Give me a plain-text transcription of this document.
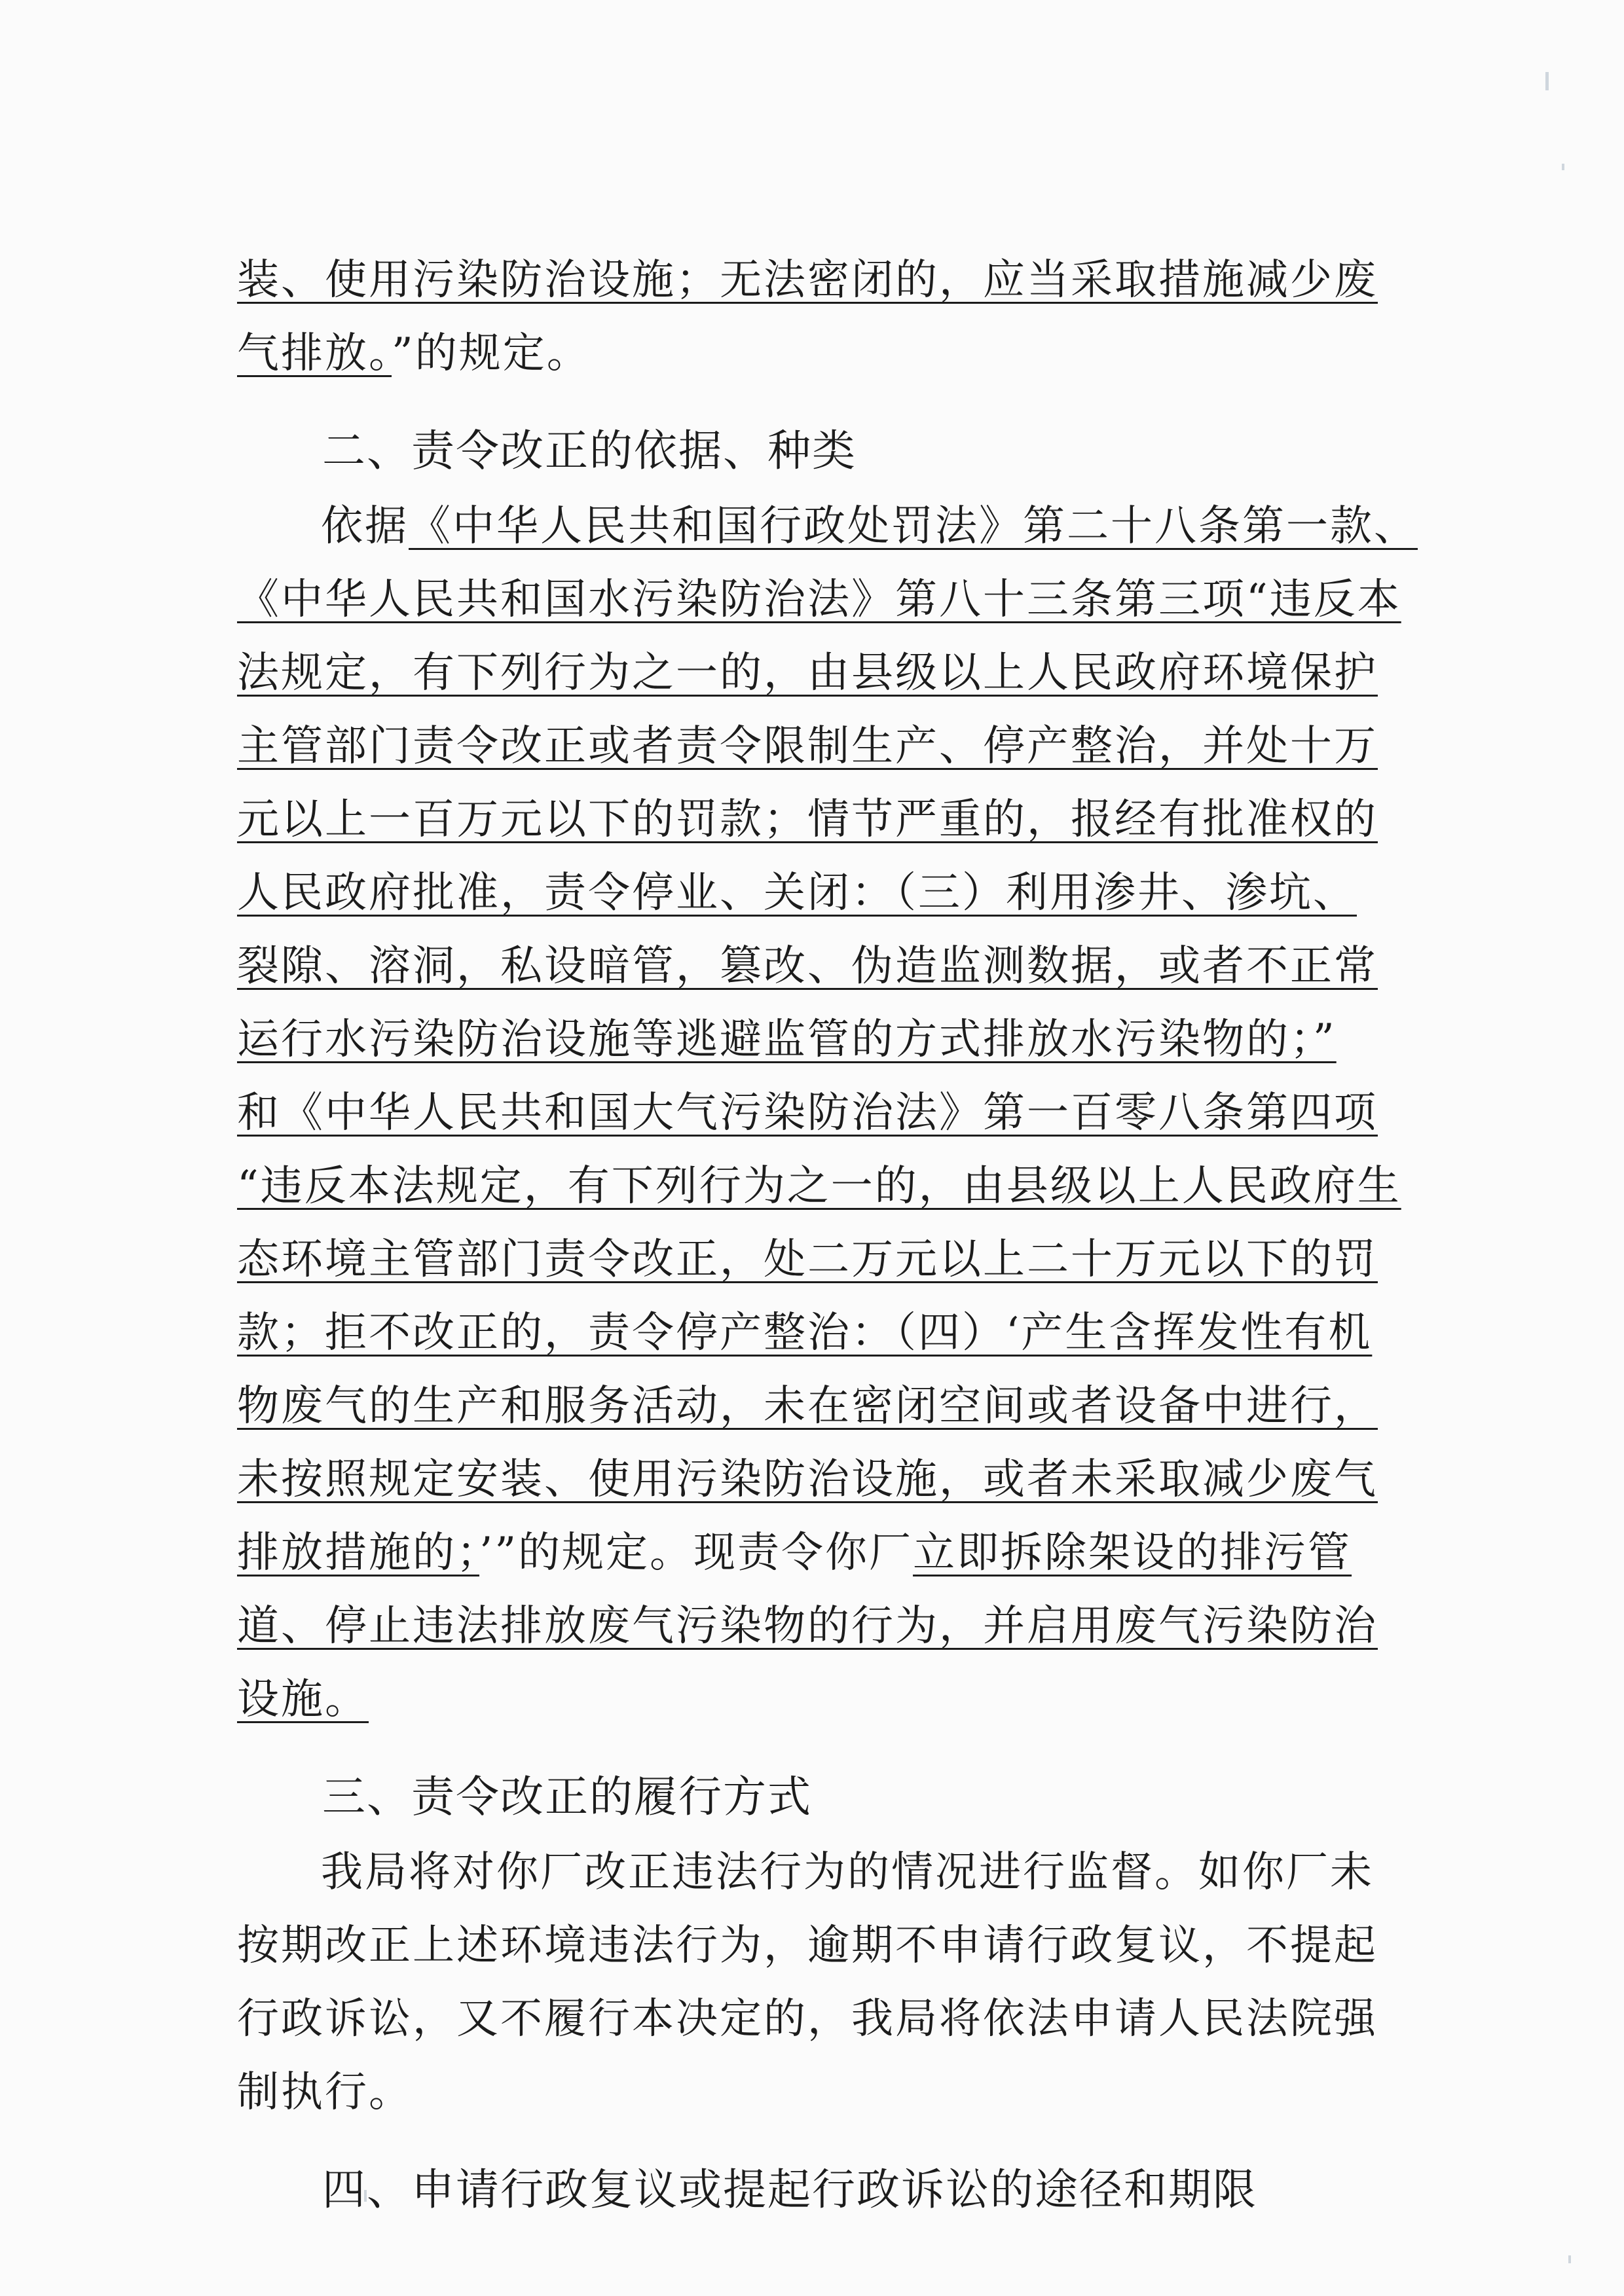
装、使用污染防治设施；无法密闭的，应当采取措施减少废
气排放。”的规定。
二、责令改正的依据、种类
依据《中华人民共和国行政处罚法》第二十八条第一款、
《中华人民共和国水污染防治法》第八十三条第三项“违反本
法规定，有下列行为之一的，由县级以上人民政府环境保护
主管部门责令改正或者责令限制生产、停产整治，并处十万
元以上一百万元以下的罚款；情节严重的，报经有批准权的
人民政府批准，责令停业、关闭：（三）利用渗井、渗坑、
裂隙、溶洞，私设暗管，篡改、伪造监测数据，或者不正常
运行水污染防治设施等逃避监管的方式排放水污染物的；”
和《中华人民共和国大气污染防治法》第一百零八条第四项
“违反本法规定，有下列行为之一的，由县级以上人民政府生
态环境主管部门责令改正，处二万元以上二十万元以下的罚
款；拒不改正的，责令停产整治：（四）‘产生含挥发性有机
物废气的生产和服务活动，未在密闭空间或者设备中进行，
未按照规定安装、使用污染防治设施，或者未采取减少废气
排放措施的；’”的规定。现责令你厂立即拆除架设的排污管
道、停止违法排放废气污染物的行为，并启用废气污染防治
设施。
三、责令改正的履行方式
我局将对你厂改正违法行为的情况进行监督。如你厂未
按期改正上述环境违法行为，逾期不申请行政复议，不提起
行政诉讼，又不履行本决定的，我局将依法申请人民法院强
制执行。
四、申请行政复议或提起行政诉讼的途径和期限
